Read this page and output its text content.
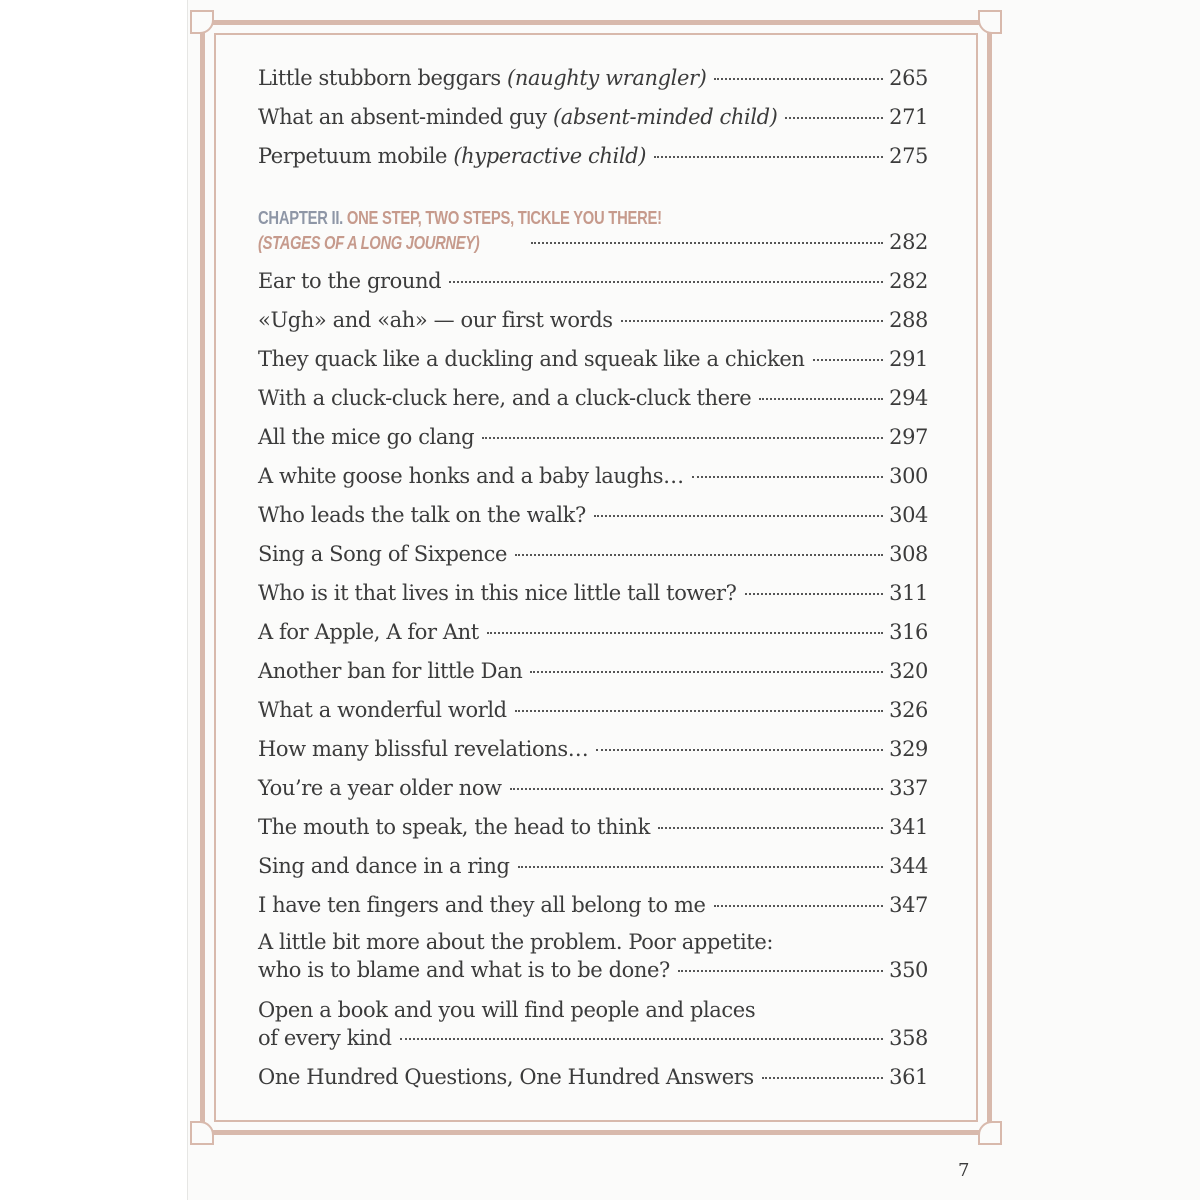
Little stubborn beggars (naughty wrangler)	265
What an absent-minded guy (absent-minded child)	271
Perpetuum mobile (hyperactive child)	275
CHAPTER II. ONE STEP, TWO STEPS, TICKLE YOU THERE!
(STAGES OF A LONG JOURNEY)	282
Ear to the ground	282
«Ugh» and «ah» — our first words	288
They quack like a duckling and squeak like a chicken	291
With a cluck-cluck here, and a cluck-cluck there	294
All the mice go clang	297
A white goose honks and a baby laughs…	300
Who leads the talk on the walk?	304
Sing a Song of Sixpence	308
Who is it that lives in this nice little tall tower?	311
A for Apple, A for Ant	316
Another ban for little Dan	320
What a wonderful world	326
How many blissful revelations…	329
You’re a year older now	337
The mouth to speak, the head to think	341
Sing and dance in a ring	344
I have ten fingers and they all belong to me	347
A little bit more about the problem. Poor appetite:
who is to blame and what is to be done?	350
Open a book and you will find people and places
of every kind	358
One Hundred Questions, One Hundred Answers	361
7
